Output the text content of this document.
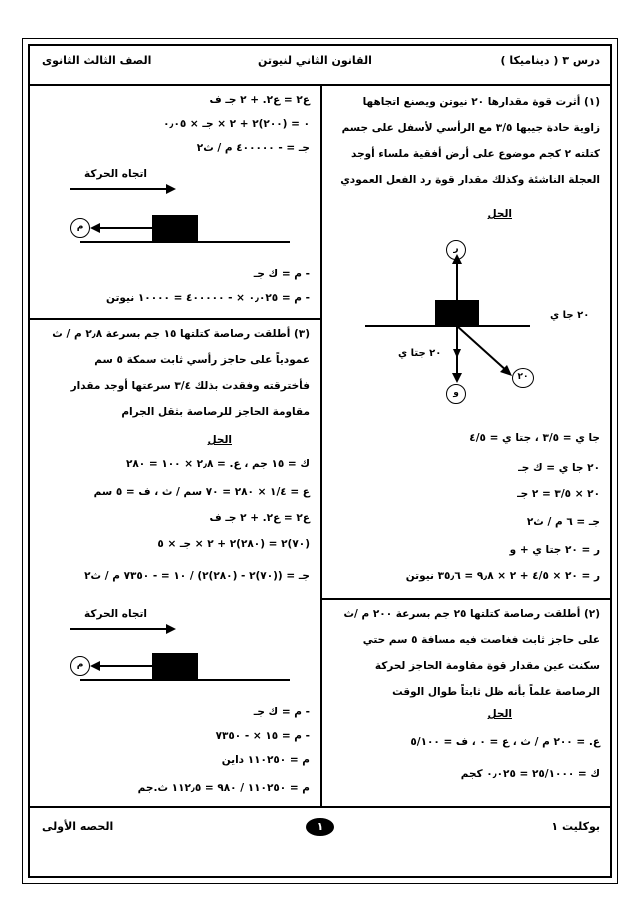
درس ٣ ( ديناميكا )
القانون الثاني لنيوتن
الصف الثالث الثانوى
(١) أثرت قوة مقدارها ٢٠ نيوتن ويصنع اتجاهها
زاوية حادة جيبها ٣/٥ مع الرأسي لأسفل على جسم
كتلته ٢ كجم موضوع على أرض أفقية ملساء أوجد
العجلة الناشئة وكذلك مقدار قوة رد الفعل العمودي
الحل
ر
و
٢٠
٢٠ جا ي
٢٠ جتا ي
جا ي = ٣/٥ ، جتا ي = ٤/٥
٢٠ جا ي = ك جـ
٢٠ × ٣/٥ = ٢ جـ
جـ = ٦ م / ث٢
ر = ٢٠ جتا ي + و
ر = ٢٠ × ٤/٥ + ٢ × ٩٫٨ = ٣٥٫٦ نيوتن
ع٢ = ع٢. + ٢ جـ ف
٠ = (٢٠٠)٢ + ٢ × جـ × ٠٫٠٥
جـ = - ٤٠٠٠٠٠ م / ث٢
اتجاه الحركة
م
- م = ك جـ
- م = ٠٫٠٢٥ × - ٤٠٠٠٠٠ = ١٠٠٠٠ نيوتن
(٣) أطلقت رصاصة كتلتها ١٥ جم بسرعة ٢٫٨ م / ث
عمودياً على حاجز رأسي ثابت سمكة ٥ سم
فأخترقته وفقدت بذلك ٣/٤ سرعتها أوجد مقدار
مقاومة الحاجز للرصاصة بثقل الجرام
الحل
ك = ١٥ جم ، ع. = ٢٫٨ × ١٠٠ = ٢٨٠
ع = ١/٤ × ٢٨٠ = ٧٠ سم / ث ، ف = ٥ سم
ع٢ = ع٢. + ٢ جـ ف
(٧٠)٢ = (٢٨٠)٢ + ٢ × جـ × ٥
جـ = ((٧٠)٢ - (٢٨٠)٢) / ١٠ = - ٧٣٥٠ م / ث٢
اتجاه الحركة
م
- م = ك جـ
- م = ١٥ × - ٧٣٥٠
م = ١١٠٢٥٠ داين
م = ١١٠٢٥٠ / ٩٨٠ = ١١٢٫٥ ث.جم
(٢) أطلقت رصاصة كتلتها ٢٥ جم بسرعة ٢٠٠ م /ث
على حاجز ثابت فغاصت فيه مسافة ٥ سم حتي
سكنت عين مقدار قوة مقاومة الحاجز لحركة
الرصاصة علماً بأنه ظل ثابتاً طوال الوقت
الحل
ع. = ٢٠٠ م / ث ، ع = ٠ ، ف = ٥/١٠٠
ك = ٢٥/١٠٠٠ = ٠٫٠٢٥ كجم
بوكليت ١
١
الحصه الأولى
